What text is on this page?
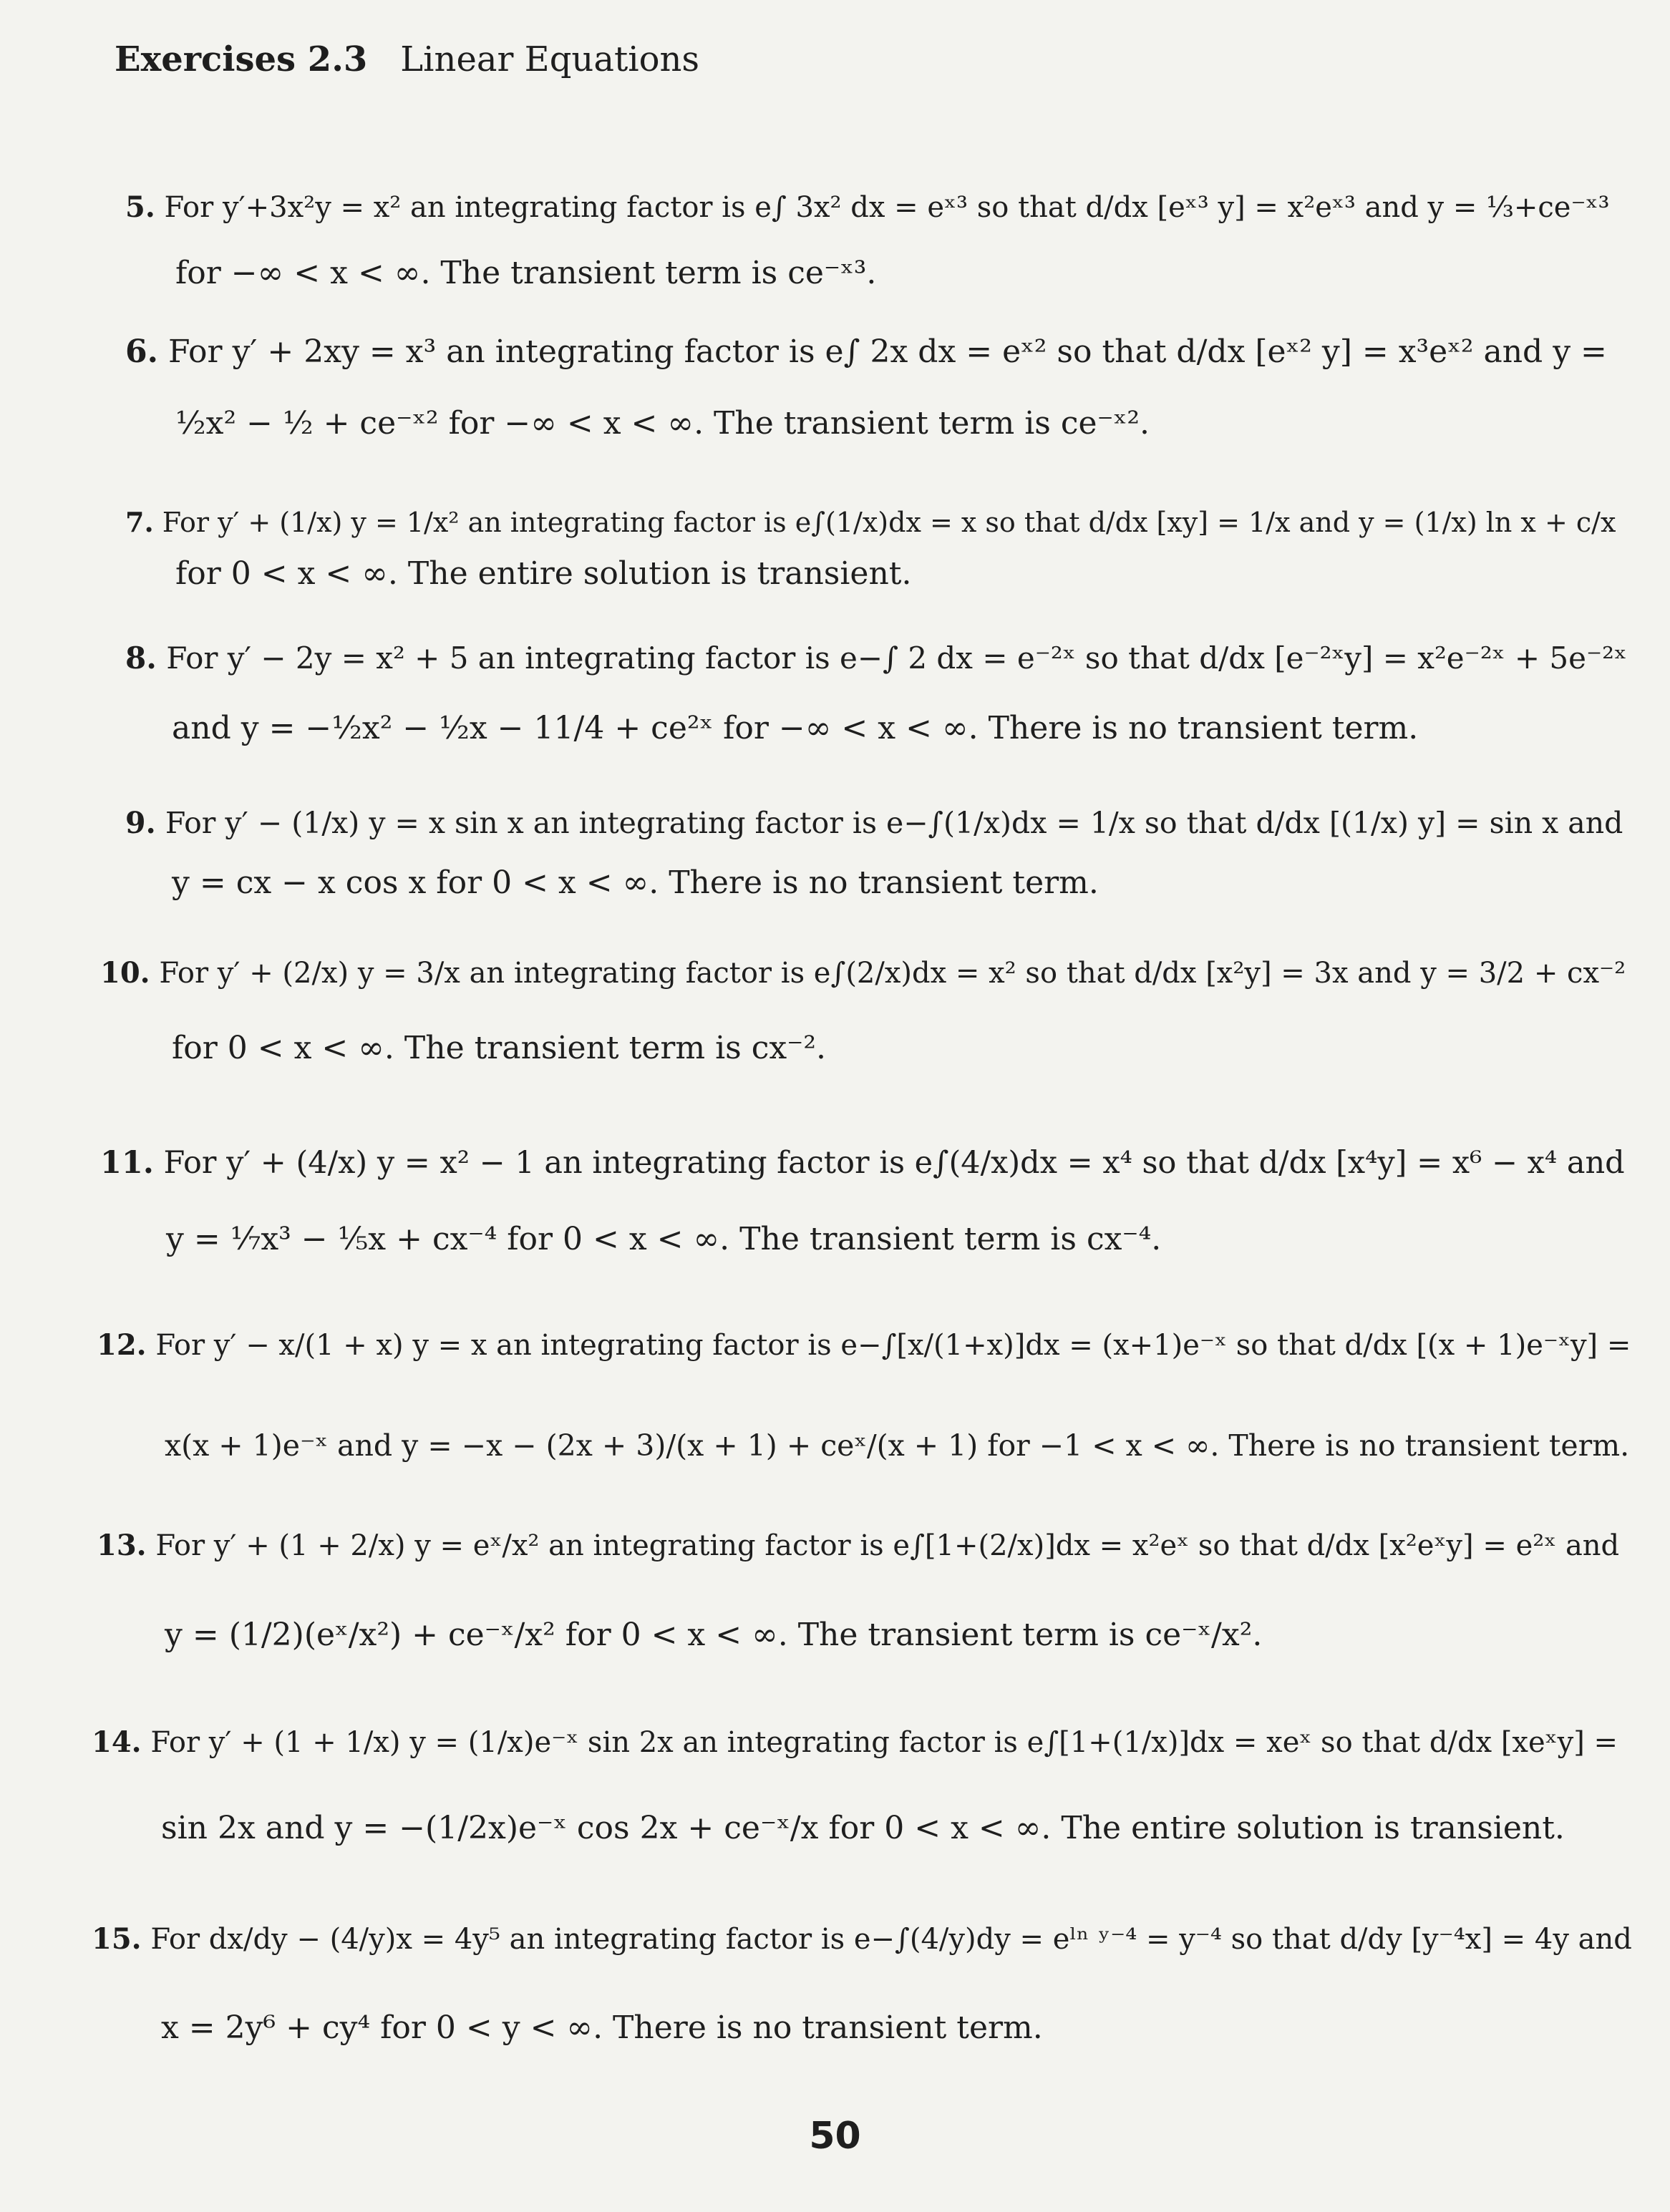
Exercises 2.3 Linear Equations
5. For y′+3x²y = x² an integrating factor is e∫ 3x² dx = eˣ³ so that d/dx [eˣ³ y] = x²eˣ³ and y = ⅓+ce⁻ˣ³
for −∞ < x < ∞. The transient term is ce⁻ˣ³.
6. For y′ + 2xy = x³ an integrating factor is e∫ 2x dx = eˣ² so that d/dx [eˣ² y] = x³eˣ² and y =
½x² − ½ + ce⁻ˣ² for −∞ < x < ∞. The transient term is ce⁻ˣ².
7. For y′ + (1/x) y = 1/x² an integrating factor is e∫(1/x)dx = x so that d/dx [xy] = 1/x and y = (1/x) ln x + c/x
for 0 < x < ∞. The entire solution is transient.
8. For y′ − 2y = x² + 5 an integrating factor is e−∫ 2 dx = e⁻²ˣ so that d/dx [e⁻²ˣy] = x²e⁻²ˣ + 5e⁻²ˣ
and y = −½x² − ½x − 11/4 + ce²ˣ for −∞ < x < ∞. There is no transient term.
9. For y′ − (1/x) y = x sin x an integrating factor is e−∫(1/x)dx = 1/x so that d/dx [(1/x) y] = sin x and
y = cx − x cos x for 0 < x < ∞. There is no transient term.
10. For y′ + (2/x) y = 3/x an integrating factor is e∫(2/x)dx = x² so that d/dx [x²y] = 3x and y = 3/2 + cx⁻²
for 0 < x < ∞. The transient term is cx⁻².
11. For y′ + (4/x) y = x² − 1 an integrating factor is e∫(4/x)dx = x⁴ so that d/dx [x⁴y] = x⁶ − x⁴ and
y = ⅐x³ − ⅕x + cx⁻⁴ for 0 < x < ∞. The transient term is cx⁻⁴.
12. For y′ − x/(1 + x) y = x an integrating factor is e−∫[x/(1+x)]dx = (x+1)e⁻ˣ so that d/dx [(x + 1)e⁻ˣy] =
x(x + 1)e⁻ˣ and y = −x − (2x + 3)/(x + 1) + ceˣ/(x + 1) for −1 < x < ∞. There is no transient term.
13. For y′ + (1 + 2/x) y = eˣ/x² an integrating factor is e∫[1+(2/x)]dx = x²eˣ so that d/dx [x²eˣy] = e²ˣ and
y = (1/2)(eˣ/x²) + ce⁻ˣ/x² for 0 < x < ∞. The transient term is ce⁻ˣ/x².
14. For y′ + (1 + 1/x) y = (1/x)e⁻ˣ sin 2x an integrating factor is e∫[1+(1/x)]dx = xeˣ so that d/dx [xeˣy] =
sin 2x and y = −(1/2x)e⁻ˣ cos 2x + ce⁻ˣ/x for 0 < x < ∞. The entire solution is transient.
15. For dx/dy − (4/y)x = 4y⁵ an integrating factor is e−∫(4/y)dy = eˡⁿ ʸ⁻⁴ = y⁻⁴ so that d/dy [y⁻⁴x] = 4y and
x = 2y⁶ + cy⁴ for 0 < y < ∞. There is no transient term.
50
